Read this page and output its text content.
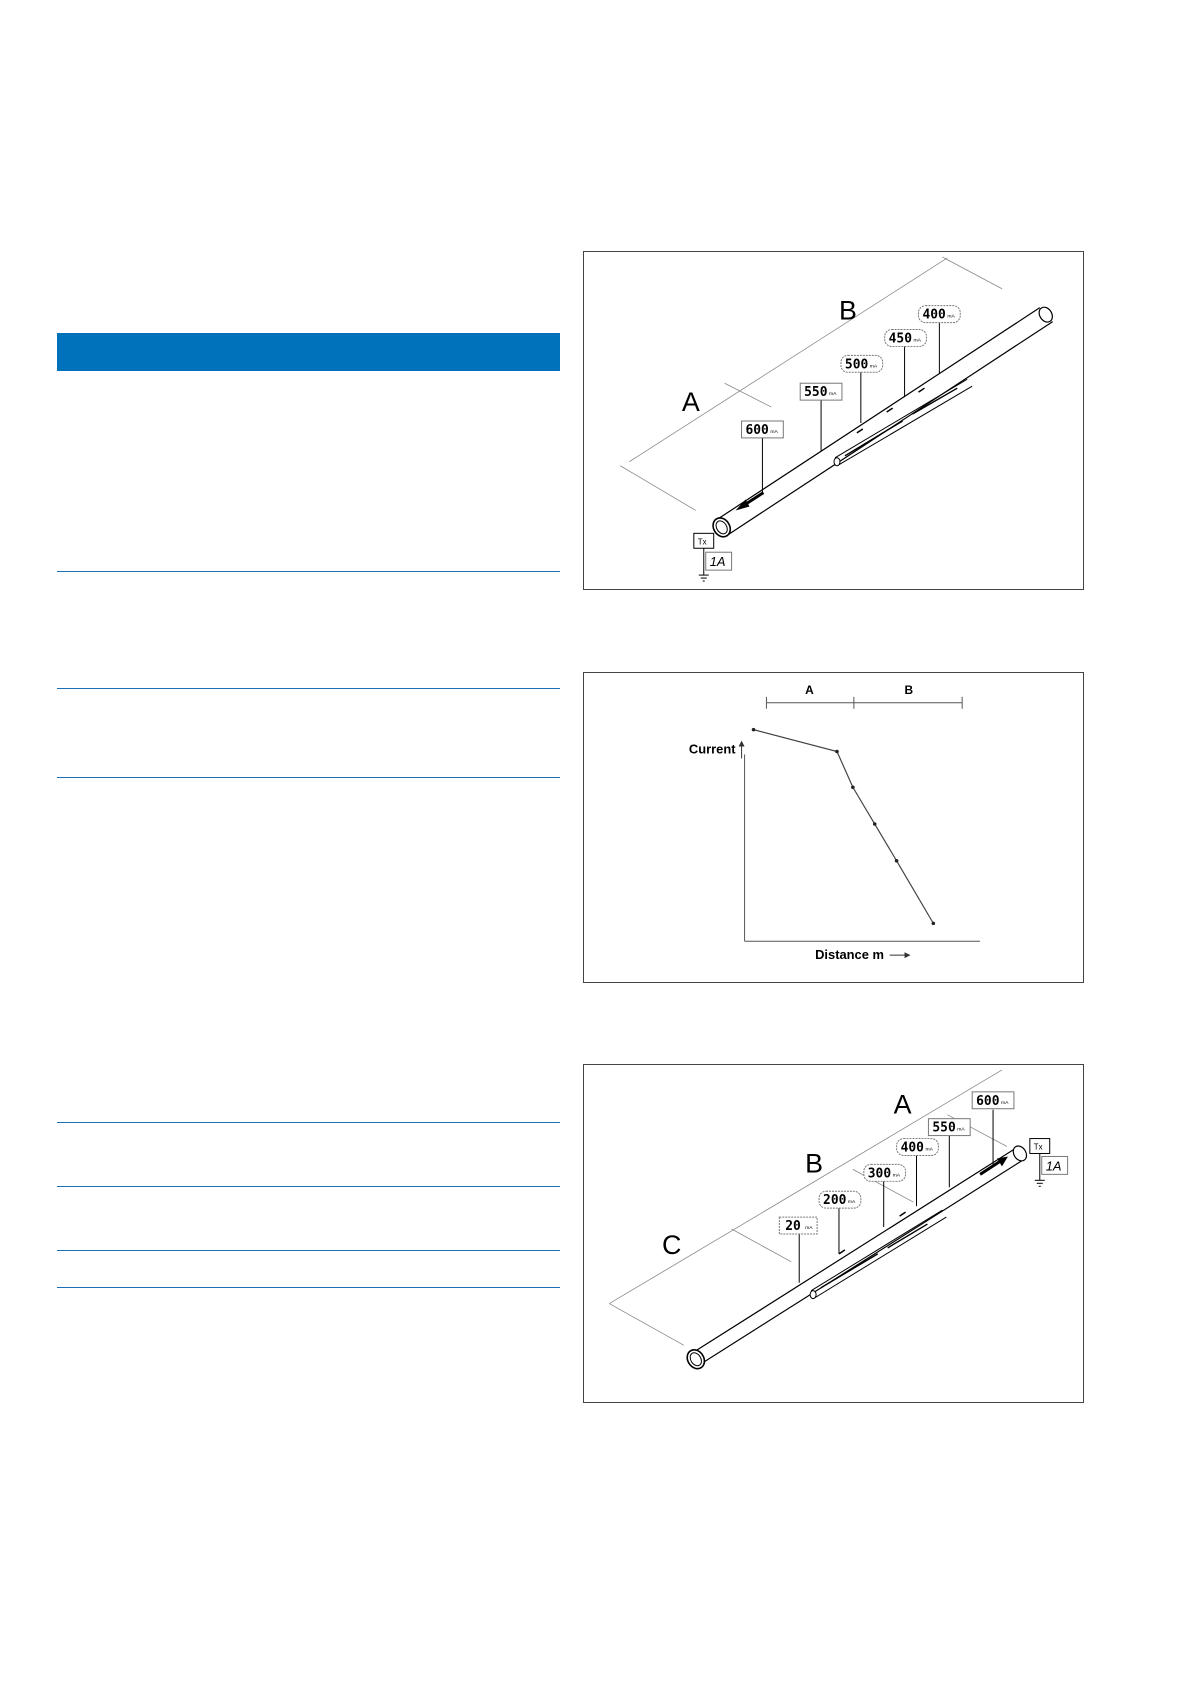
A
B
600 mA
550 mA
500 mA
450 mA
400 mA
Tx
1A
A	B
Current
Distance m
A
B
C
600 mA
550 mA
400 mA
300 mA
200 mA
20 mA
Tx
1A
